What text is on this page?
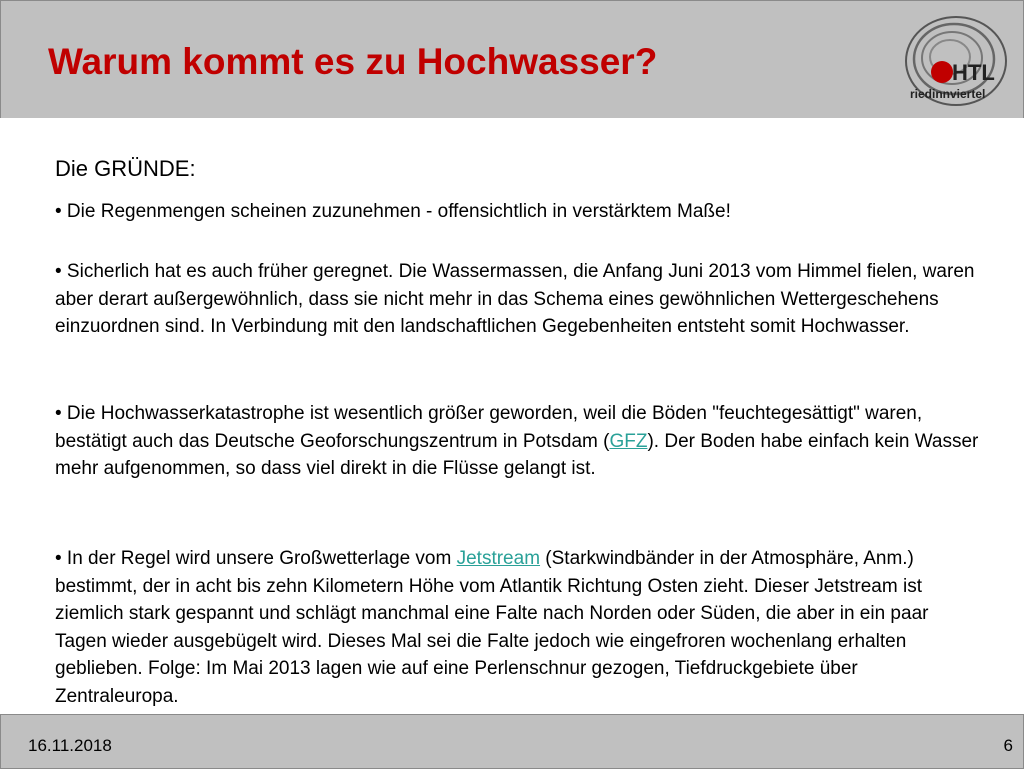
Warum kommt es zu Hochwasser?	HTL
riedinnviertel
Die GRÜNDE:

• Die Regenmengen scheinen zuzunehmen - offensichtlich in verstärktem Maße!

• Sicherlich hat es auch früher geregnet. Die Wassermassen, die Anfang Juni 2013 vom Himmel fielen, waren aber derart außergewöhnlich, dass sie nicht mehr in das Schema eines gewöhnlichen Wettergeschehens einzuordnen sind. In Verbindung mit den landschaftlichen Gegebenheiten entsteht somit Hochwasser.

• Die Hochwasserkatastrophe ist wesentlich größer geworden, weil die Böden "feuchtegesättigt" waren, bestätigt auch das Deutsche Geoforschungszentrum in Potsdam (GFZ). Der Boden habe einfach kein Wasser mehr aufgenommen, so dass viel direkt in die Flüsse gelangt ist.

• In der Regel wird unsere Großwetterlage vom Jetstream (Starkwindbänder in der Atmosphäre, Anm.) bestimmt, der in acht bis zehn Kilometern Höhe vom Atlantik Richtung Osten zieht. Dieser Jetstream ist ziemlich stark gespannt und schlägt manchmal eine Falte nach Norden oder Süden, die aber in ein paar Tagen wieder ausgebügelt wird. Dieses Mal sei die Falte jedoch wie eingefroren wochenlang erhalten geblieben. Folge: Im Mai 2013 lagen wie auf eine Perlenschnur gezogen, Tiefdruckgebiete über Zentraleuropa.

16.11.2018	6
